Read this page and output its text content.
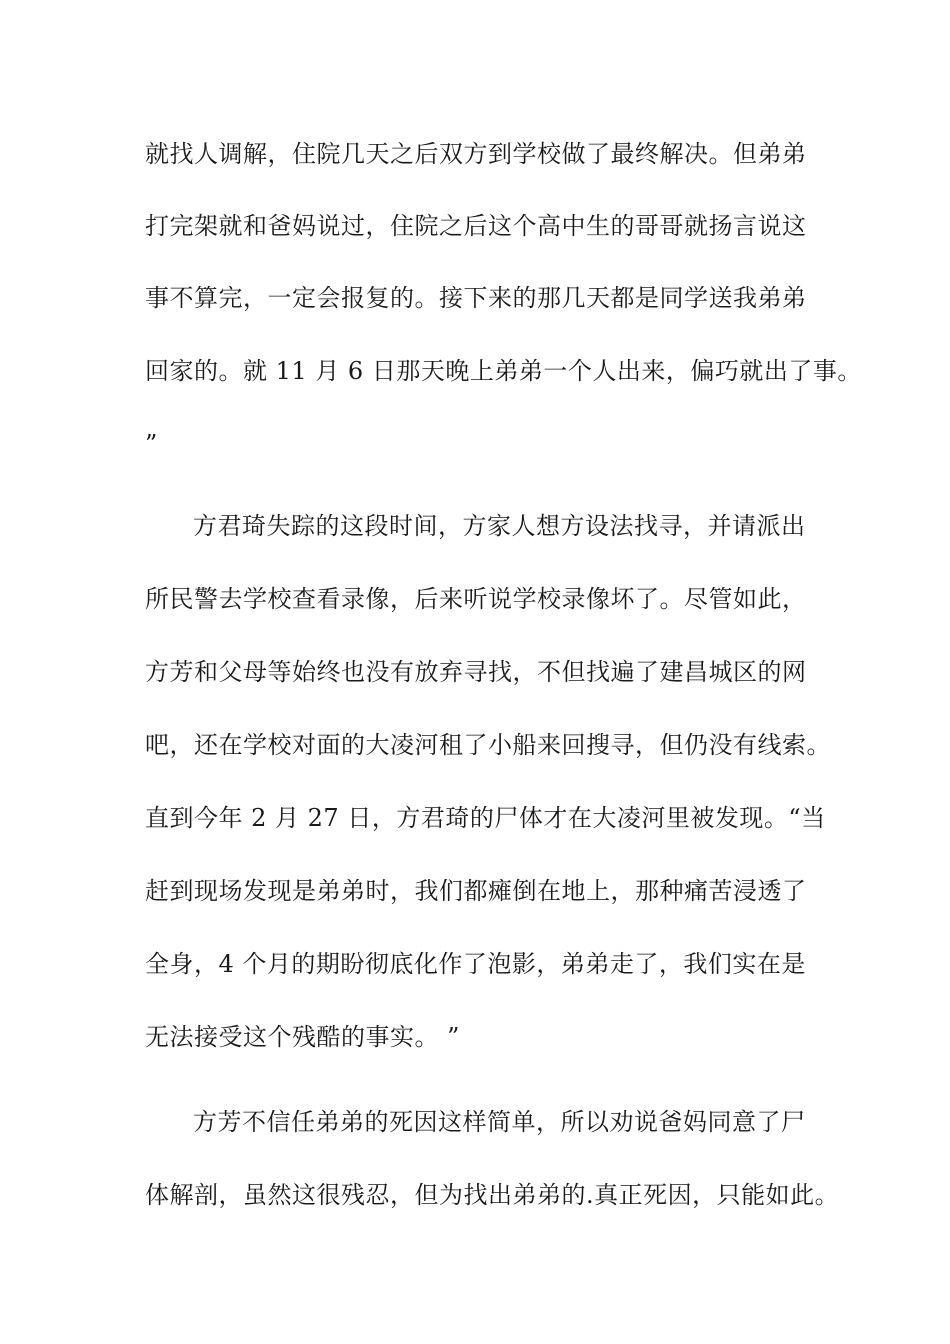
就找人调解，住院几天之后双方到学校做了最终解决。但弟弟

打完架就和爸妈说过，住院之后这个高中生的哥哥就扬言说这

事不算完，一定会报复的。接下来的那几天都是同学送我弟弟

回家的。就 11 月 6 日那天晚上弟弟一个人出来，偏巧就出了事。

”

方君琦失踪的这段时间，方家人想方设法找寻，并请派出

所民警去学校查看录像，后来听说学校录像坏了。尽管如此，

方芳和父母等始终也没有放弃寻找，不但找遍了建昌城区的网

吧，还在学校对面的大凌河租了小船来回搜寻，但仍没有线索。

直到今年 2 月 27 日，方君琦的尸体才在大凌河里被发现。“当

赶到现场发现是弟弟时，我们都瘫倒在地上，那种痛苦浸透了

全身，4 个月的期盼彻底化作了泡影，弟弟走了，我们实在是

无法接受这个残酷的事实。 ”

方芳不信任弟弟的死因这样简单，所以劝说爸妈同意了尸

体解剖，虽然这很残忍，但为找出弟弟的.真正死因，只能如此。
